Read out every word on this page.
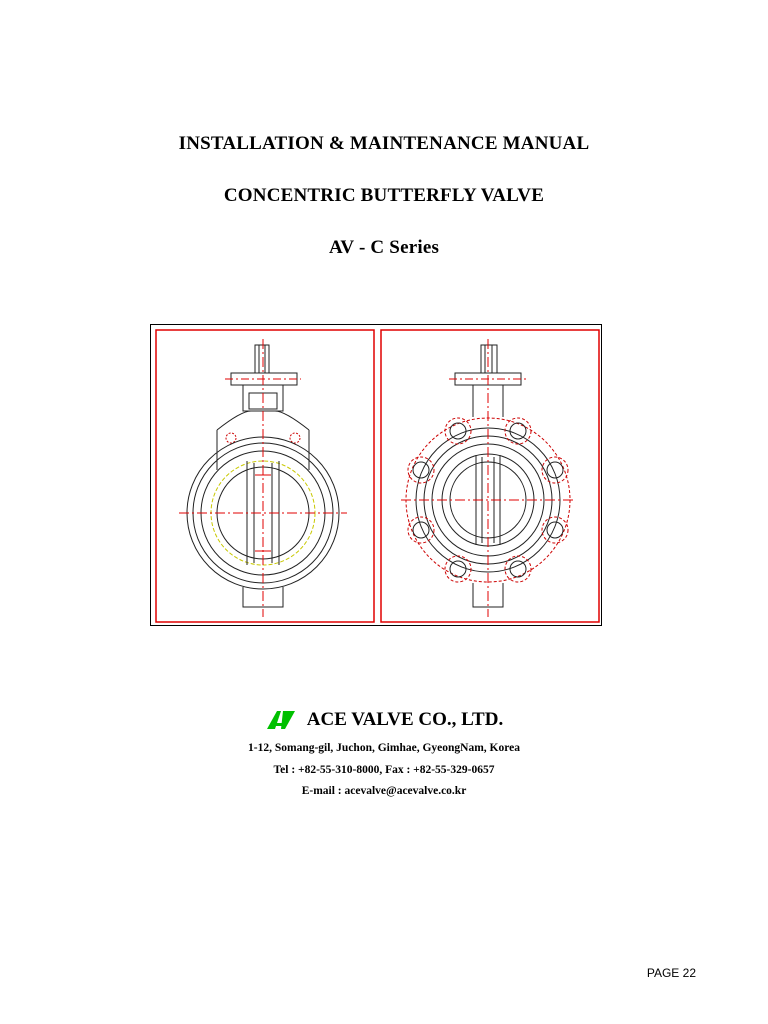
INSTALLATION & MAINTENANCE MANUAL
CONCENTRIC BUTTERFLY VALVE
AV - C Series
ACE VALVE CO., LTD.
1-12, Somang-gil, Juchon, Gimhae, GyeongNam, Korea
Tel : +82-55-310-8000, Fax : +82-55-329-0657
E-mail : acevalve@acevalve.co.kr
PAGE 22
